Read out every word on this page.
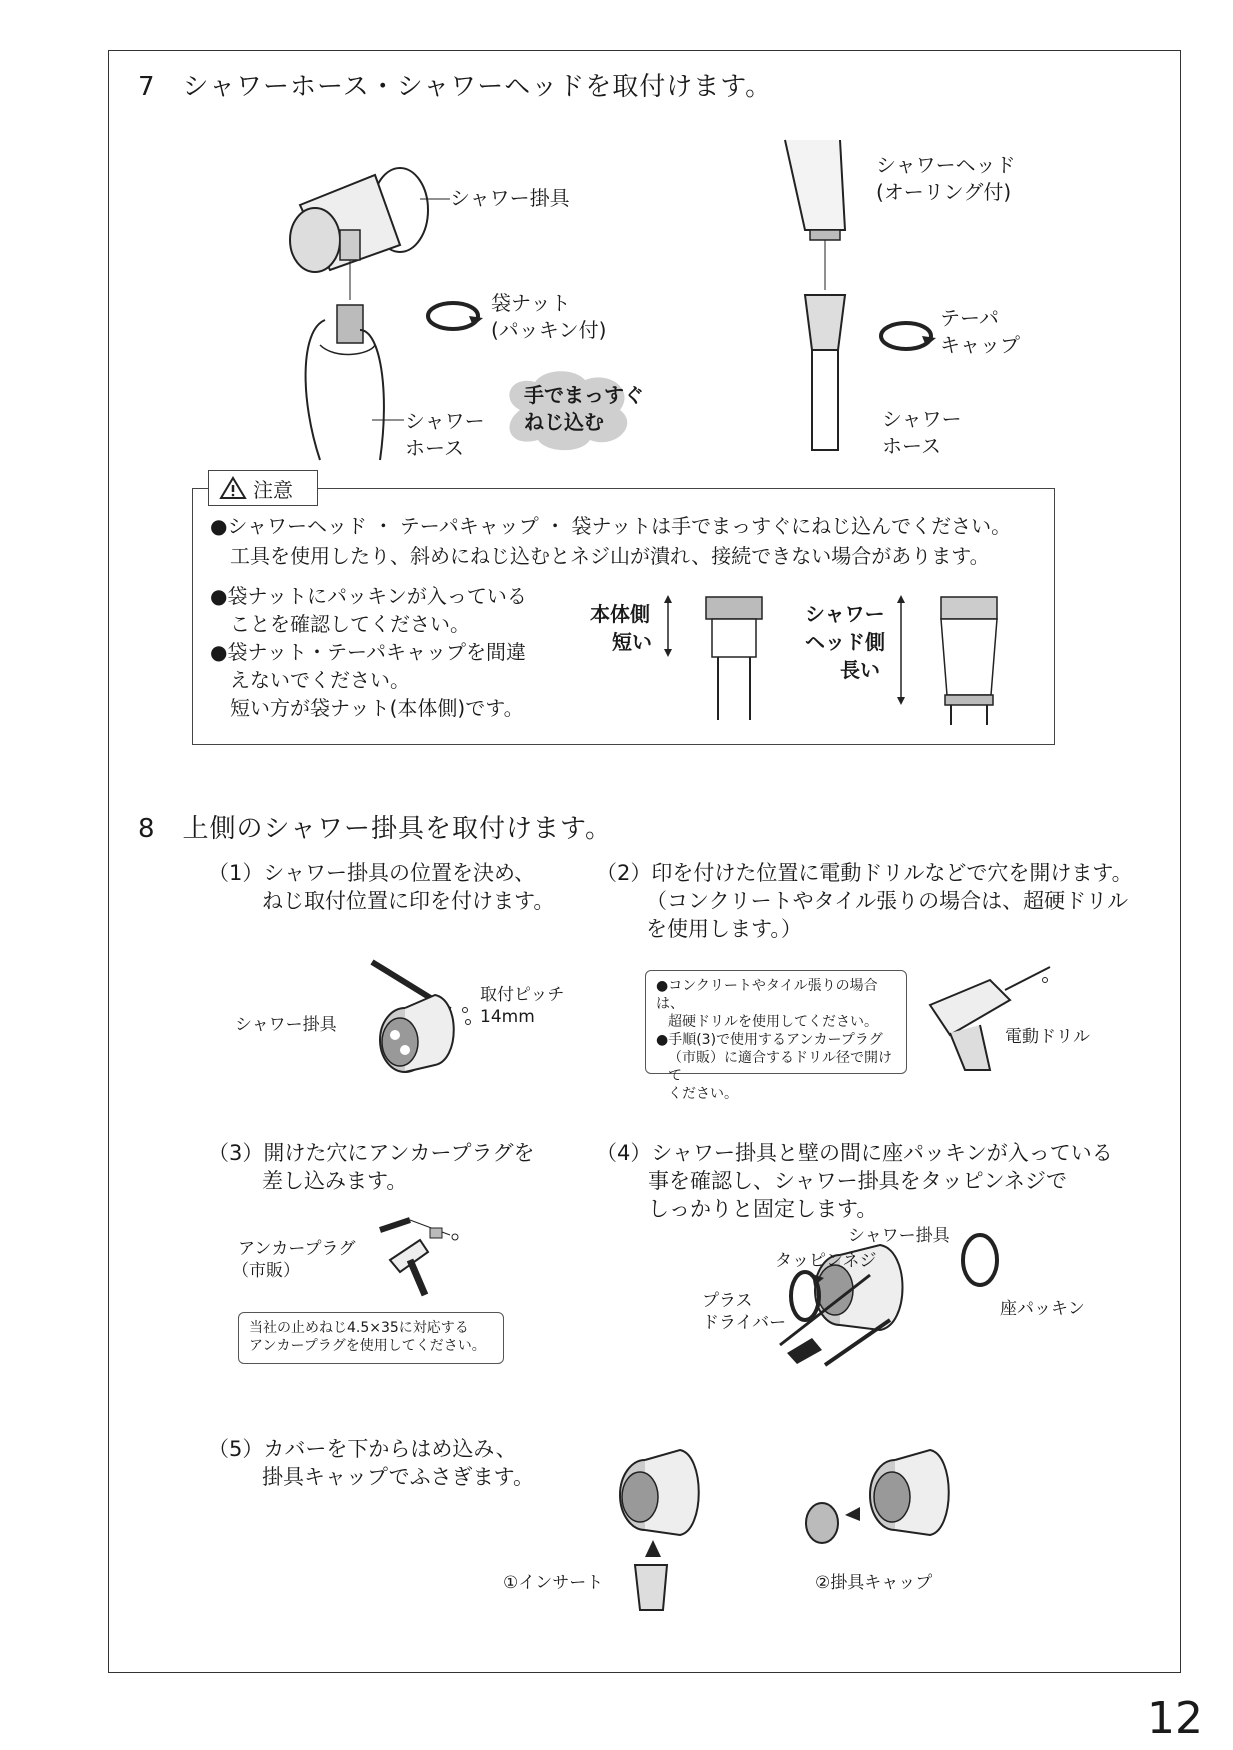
7　シャワーホース・シャワーヘッドを取付けます。
シャワー掛具
袋ナット
(パッキン付)
シャワー
ホース
手でまっすぐ
ねじ込む
シャワーヘッド
(オーリング付)
テーパ
キャップ
シャワー
ホース
注意
●シャワーヘッド ・ テーパキャップ ・ 袋ナットは手でまっすぐにねじ込んでください。
工具を使用したり、斜めにねじ込むとネジ山が潰れ、接続できない場合があります。
●袋ナットにパッキンが入っている
ことを確認してください。
●袋ナット・テーパキャップを間違
えないでください。
短い方が袋ナット(本体側)です。
本体側
短い
シャワー
ヘッド側
長い
8　上側のシャワー掛具を取付けます。
（1）シャワー掛具の位置を決め、
ねじ取付位置に印を付けます。
シャワー掛具
取付ピッチ
14mm
（2）印を付けた位置に電動ドリルなどで穴を開けます。
（コンクリートやタイル張りの場合は、超硬ドリル
を使用します。）
●コンクリートやタイル張りの場合は、
超硬ドリルを使用してください。
●手順(3)で使用するアンカープラグ
（市販）に適合するドリル径で開けて
ください。
電動ドリル
（3）開けた穴にアンカープラグを
差し込みます。
アンカープラグ
（市販）
当社の止めねじ4.5×35に対応する
アンカープラグを使用してください。
（4）シャワー掛具と壁の間に座パッキンが入っている
事を確認し、シャワー掛具をタッピンネジで
しっかりと固定します。
シャワー掛具
タッピンネジ
プラス
ドライバー
座パッキン
（5）カバーを下からはめ込み、
掛具キャップでふさぎます。
①インサート	②掛具キャップ
12
